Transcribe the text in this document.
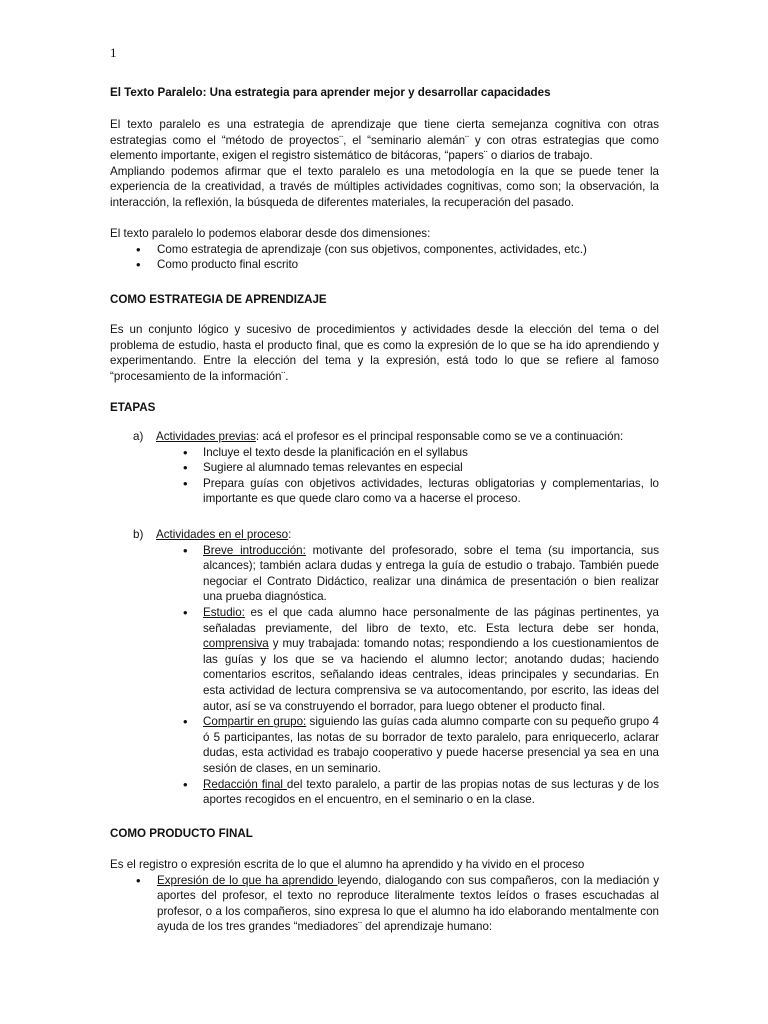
1
El Texto Paralelo: Una estrategia para aprender mejor y desarrollar capacidades

El texto paralelo es una estrategia de aprendizaje que tiene cierta semejanza cognitiva con otras estrategias como el “método de proyectos¨, el “seminario alemán¨ y con otras estrategias que como elemento importante, exigen el registro sistemático de bitácoras, “papers¨ o diarios de trabajo.

Ampliando podemos afirmar que el texto paralelo es una metodología en la que se puede tener la experiencia de la creatividad, a través de múltiples actividades cognitivas, como son; la observación, la interacción, la reflexión, la búsqueda de diferentes materiales, la recuperación del pasado.

El texto paralelo lo podemos elaborar desde dos dimensiones:

• Como estrategia de aprendizaje (con sus objetivos, componentes, actividades, etc.)
• Como producto final escrito

COMO ESTRATEGIA DE APRENDIZAJE

Es un conjunto lógico y sucesivo de procedimientos y actividades desde la elección del tema o del problema de estudio, hasta el producto final, que es como la expresión de lo que se ha ido aprendiendo y experimentando. Entre la elección del tema y la expresión, está todo lo que se refiere al famoso “procesamiento de la información¨.

ETAPAS

a) Actividades previas: acá el profesor es el principal responsable como se ve a continuación:
• Incluye el texto desde la planificación en el syllabus
• Sugiere al alumnado temas relevantes en especial
• Prepara guías con objetivos actividades, lecturas obligatorias y complementarias, lo importante es que quede claro como va a hacerse el proceso.
b) Actividades en el proceso:
• Breve introducción: motivante del profesorado, sobre el tema (su importancia, sus alcances); también aclara dudas y entrega la guía de estudio o trabajo. También puede negociar el Contrato Didáctico, realizar una dinámica de presentación o bien realizar una prueba diagnóstica.
• Estudio: es el que cada alumno hace personalmente de las páginas pertinentes, ya señaladas previamente, del libro de texto, etc. Esta lectura debe ser honda, comprensiva y muy trabajada: tomando notas; respondiendo a los cuestionamientos de las guías y los que se va haciendo el alumno lector; anotando dudas; haciendo comentarios escritos, señalando ideas centrales, ideas principales y secundarias. En esta actividad de lectura comprensiva se va autocomentando, por escrito, las ideas del autor, así se va construyendo el borrador, para luego obtener el producto final.
• Compartir en grupo: siguiendo las guías cada alumno comparte con su pequeño grupo 4 ó 5 participantes, las notas de su borrador de texto paralelo, para enriquecerlo, aclarar dudas, esta actividad es trabajo cooperativo y puede hacerse presencial ya sea en una sesión de clases, en un seminario.
• Redacción final del texto paralelo, a partir de las propias notas de sus lecturas y de los aportes recogidos en el encuentro, en el seminario o en la clase.

COMO PRODUCTO FINAL

Es el registro o expresión escrita de lo que el alumno ha aprendido y ha vivido en el proceso

• Expresión de lo que ha aprendido leyendo, dialogando con sus compañeros, con la mediación y aportes del profesor, el texto no reproduce literalmente textos leídos o frases escuchadas al profesor, o a los compañeros, sino expresa lo que el alumno ha ido elaborando mentalmente con ayuda de los tres grandes “mediadores¨ del aprendizaje humano:
